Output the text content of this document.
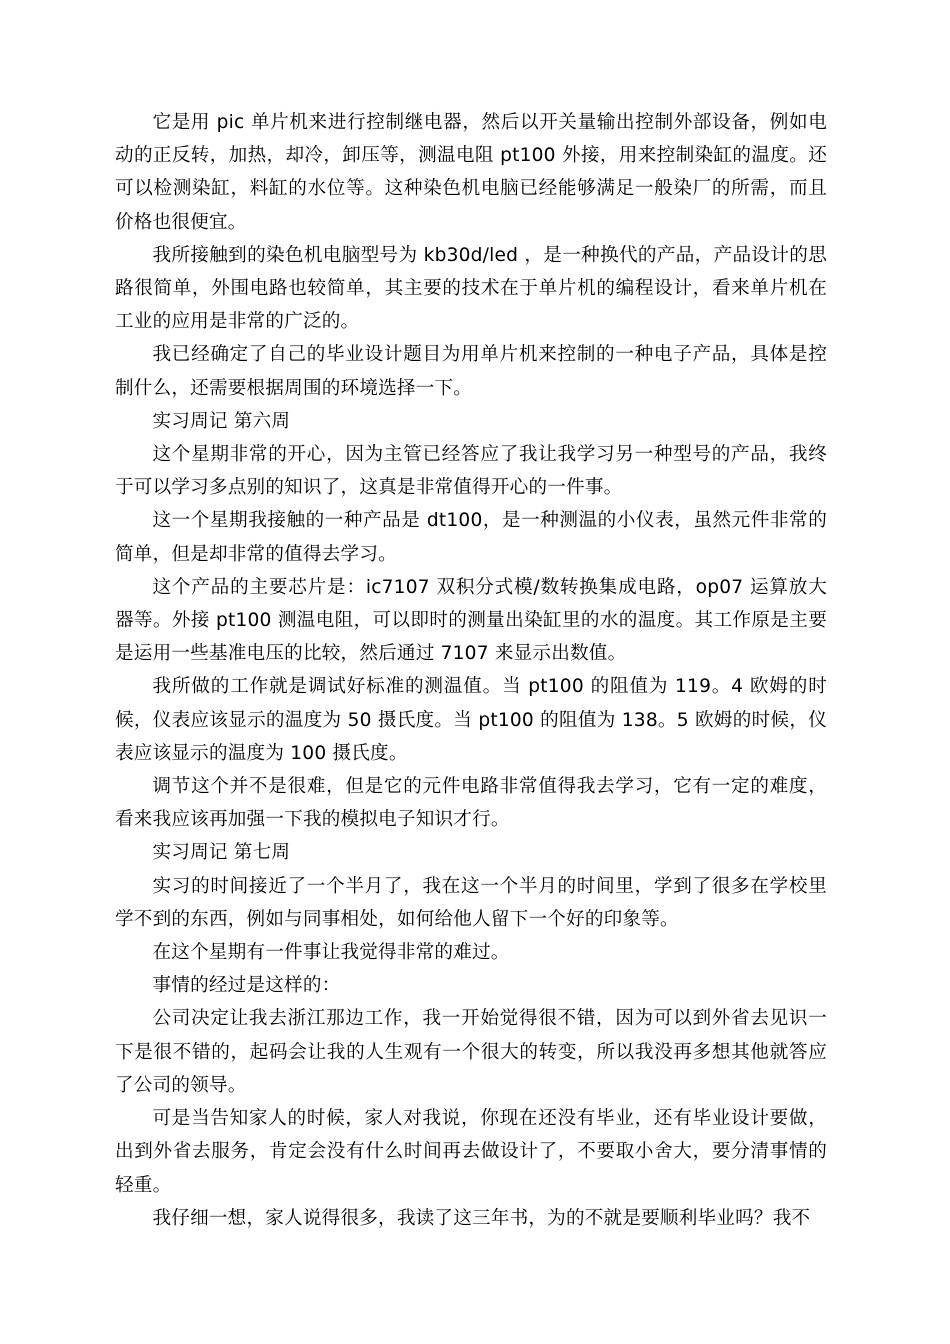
它是用 pic 单片机来进行控制继电器，然后以开关量输出控制外部设备，例如电动的正反转，加热，却冷，卸压等，测温电阻 pt100 外接，用来控制染缸的温度。还可以检测染缸，料缸的水位等。这种染色机电脑已经能够满足一般染厂的所需，而且价格也很便宜。

我所接触到的染色机电脑型号为 kb30d/led ，是一种换代的产品，产品设计的思路很简单，外围电路也较简单，其主要的技术在于单片机的编程设计，看来单片机在工业的应用是非常的广泛的。

我已经确定了自己的毕业设计题目为用单片机来控制的一种电子产品，具体是控制什么，还需要根据周围的环境选择一下。

实习周记 第六周

这个星期非常的开心，因为主管已经答应了我让我学习另一种型号的产品，我终于可以学习多点别的知识了，这真是非常值得开心的一件事。

这一个星期我接触的一种产品是 dt100，是一种测温的小仪表，虽然元件非常的简单，但是却非常的值得去学习。

这个产品的主要芯片是：ic7107 双积分式模/数转换集成电路，op07 运算放大器等。外接 pt100 测温电阻，可以即时的测量出染缸里的水的温度。其工作原是主要是运用一些基准电压的比较，然后通过 7107 来显示出数值。

我所做的工作就是调试好标准的测温值。当 pt100 的阻值为 119。4 欧姆的时候，仪表应该显示的温度为 50 摄氏度。当 pt100 的阻值为 138。5 欧姆的时候，仪表应该显示的温度为 100 摄氏度。

调节这个并不是很难，但是它的元件电路非常值得我去学习，它有一定的难度，看来我应该再加强一下我的模拟电子知识才行。

实习周记 第七周

实习的时间接近了一个半月了，我在这一个半月的时间里，学到了很多在学校里学不到的东西，例如与同事相处，如何给他人留下一个好的印象等。

在这个星期有一件事让我觉得非常的难过。

事情的经过是这样的：

公司决定让我去浙江那边工作，我一开始觉得很不错，因为可以到外省去见识一下是很不错的，起码会让我的人生观有一个很大的转变，所以我没再多想其他就答应了公司的领导。

可是当告知家人的时候，家人对我说，你现在还没有毕业，还有毕业设计要做，出到外省去服务，肯定会没有什么时间再去做设计了，不要取小舍大，要分清事情的轻重。

我仔细一想，家人说得很多，我读了这三年书，为的不就是要顺利毕业吗？我不
